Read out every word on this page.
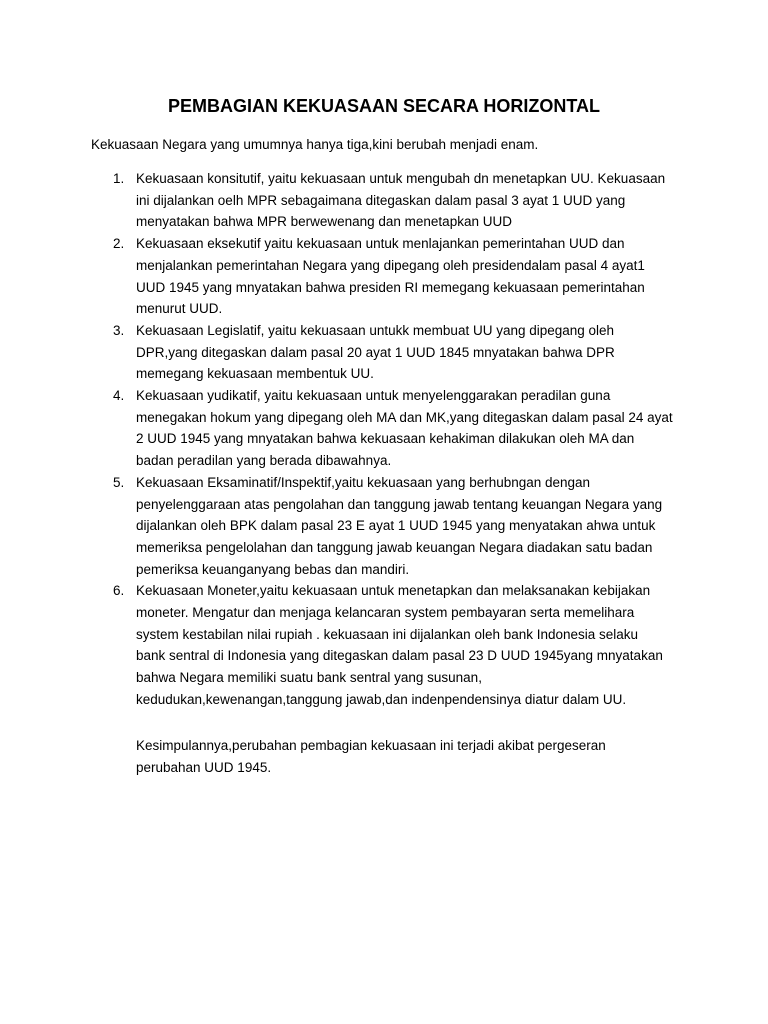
PEMBAGIAN KEKUASAAN SECARA HORIZONTAL
Kekuasaan Negara yang umumnya hanya tiga,kini berubah menjadi enam.
1. Kekuasaan konsitutif, yaitu kekuasaan untuk mengubah dn menetapkan UU. Kekuasaan
ini dijalankan oelh MPR sebagaimana ditegaskan dalam pasal 3 ayat 1 UUD yang
menyatakan bahwa MPR berwewenang dan menetapkan UUD
2. Kekuasaan eksekutif yaitu kekuasaan untuk menlajankan pemerintahan UUD dan
menjalankan pemerintahan Negara yang dipegang oleh presidendalam pasal 4 ayat1
UUD 1945 yang mnyatakan bahwa presiden RI memegang kekuasaan pemerintahan
menurut UUD.
3. Kekuasaan Legislatif, yaitu kekuasaan untukk membuat UU yang dipegang oleh
DPR,yang ditegaskan dalam pasal 20 ayat 1 UUD 1845 mnyatakan bahwa DPR
memegang kekuasaan membentuk UU.
4. Kekuasaan yudikatif, yaitu kekuasaan untuk menyelenggarakan peradilan guna
menegakan hokum yang dipegang oleh MA dan MK,yang ditegaskan dalam pasal 24 ayat
2 UUD 1945 yang mnyatakan bahwa kekuasaan kehakiman dilakukan oleh MA dan
badan peradilan yang berada dibawahnya.
5. Kekuasaan Eksaminatif/Inspektif,yaitu kekuasaan yang berhubngan dengan
penyelenggaraan atas pengolahan dan tanggung jawab tentang keuangan Negara yang
dijalankan oleh BPK dalam pasal 23 E ayat 1 UUD 1945 yang menyatakan ahwa untuk
memeriksa pengelolahan dan tanggung jawab keuangan Negara diadakan satu badan
pemeriksa keuanganyang bebas dan mandiri.
6. Kekuasaan Moneter,yaitu kekuasaan untuk menetapkan dan melaksanakan kebijakan
moneter. Mengatur dan menjaga kelancaran system pembayaran serta memelihara
system kestabilan nilai rupiah . kekuasaan ini dijalankan oleh bank Indonesia selaku
bank sentral di Indonesia yang ditegaskan dalam pasal 23 D UUD 1945yang mnyatakan
bahwa Negara memiliki suatu bank sentral yang susunan,
kedudukan,kewenangan,tanggung jawab,dan indenpendensinya diatur dalam UU.
Kesimpulannya,perubahan pembagian kekuasaan ini terjadi akibat pergeseran
perubahan UUD 1945.
